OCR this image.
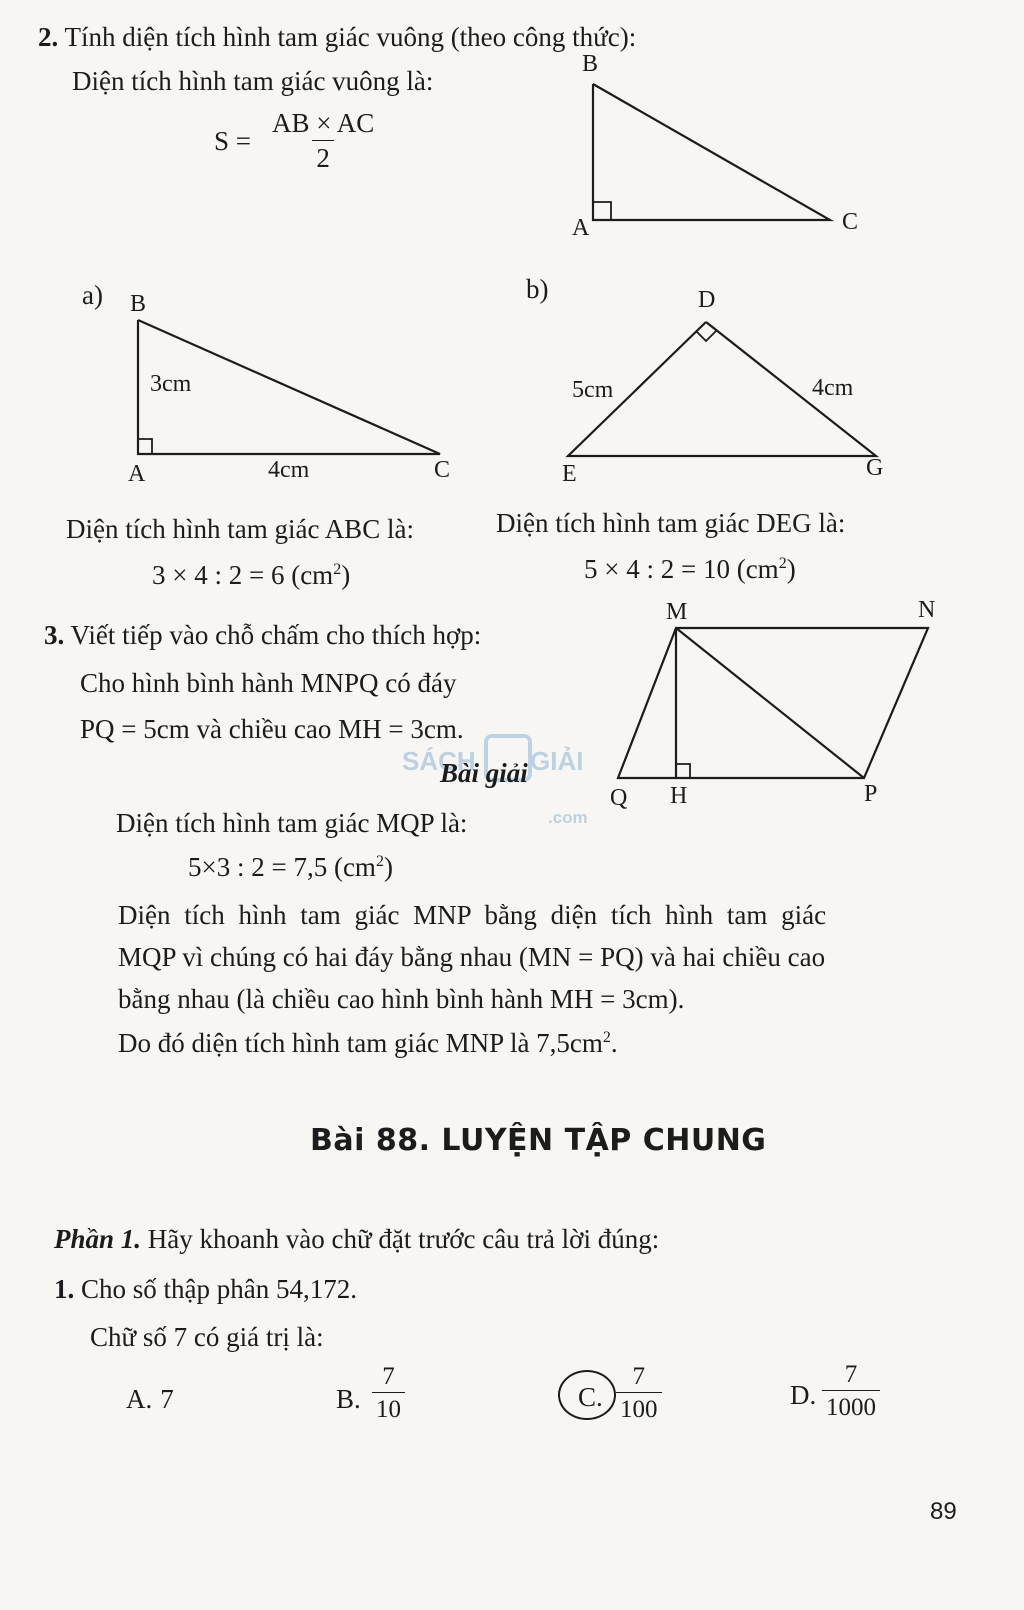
2. Tính diện tích hình tam giác vuông (theo công thức):
Diện tích hình tam giác vuông là:
$S = \frac{AB \times AC}{2}$
B
A	C
a) B
A	C
3cm
4cm
Diện tích hình tam giác ABC là:
3 × 4 : 2 = 6 $(cm^2)$
b)	D
E	G
5cm	4cm
Diện tích hình tam giác DEG là:
5 × 4 : 2 = 10 $(cm^2)$
3. Viết tiếp vào chỗ chấm cho thích hợp:
Cho hình bình hành MNPQ có đáy
PQ = 5cm và chiều cao MH = 3cm.
M	N
P
Q H
SÁCH GIẢI
.com
Bài giải
Diện tích hình tam giác MQP là:
5×3 : 2 = 7,5 $(cm^2)$
Diện tích hình tam giác MNP bằng diện tích hình tam giác
MQP vì chúng có hai đáy bằng nhau (MN = PQ) và hai chiều cao
bằng nhau (là chiều cao hình bình hành MH = 3cm).
Do đó diện tích hình tam giác MNP là $7,5cm^2$.
Bài 88. LUYỆN TẬP CHUNG
Phần 1. Hãy khoanh vào chữ đặt trước câu trả lời đúng:
1. Cho số thập phân 54,172.
Chữ số 7 có giá trị là:
A. 7	B. $\frac{7}{10}$	C. $\frac{7}{100}$	D. $\frac{7}{1000}$
89
